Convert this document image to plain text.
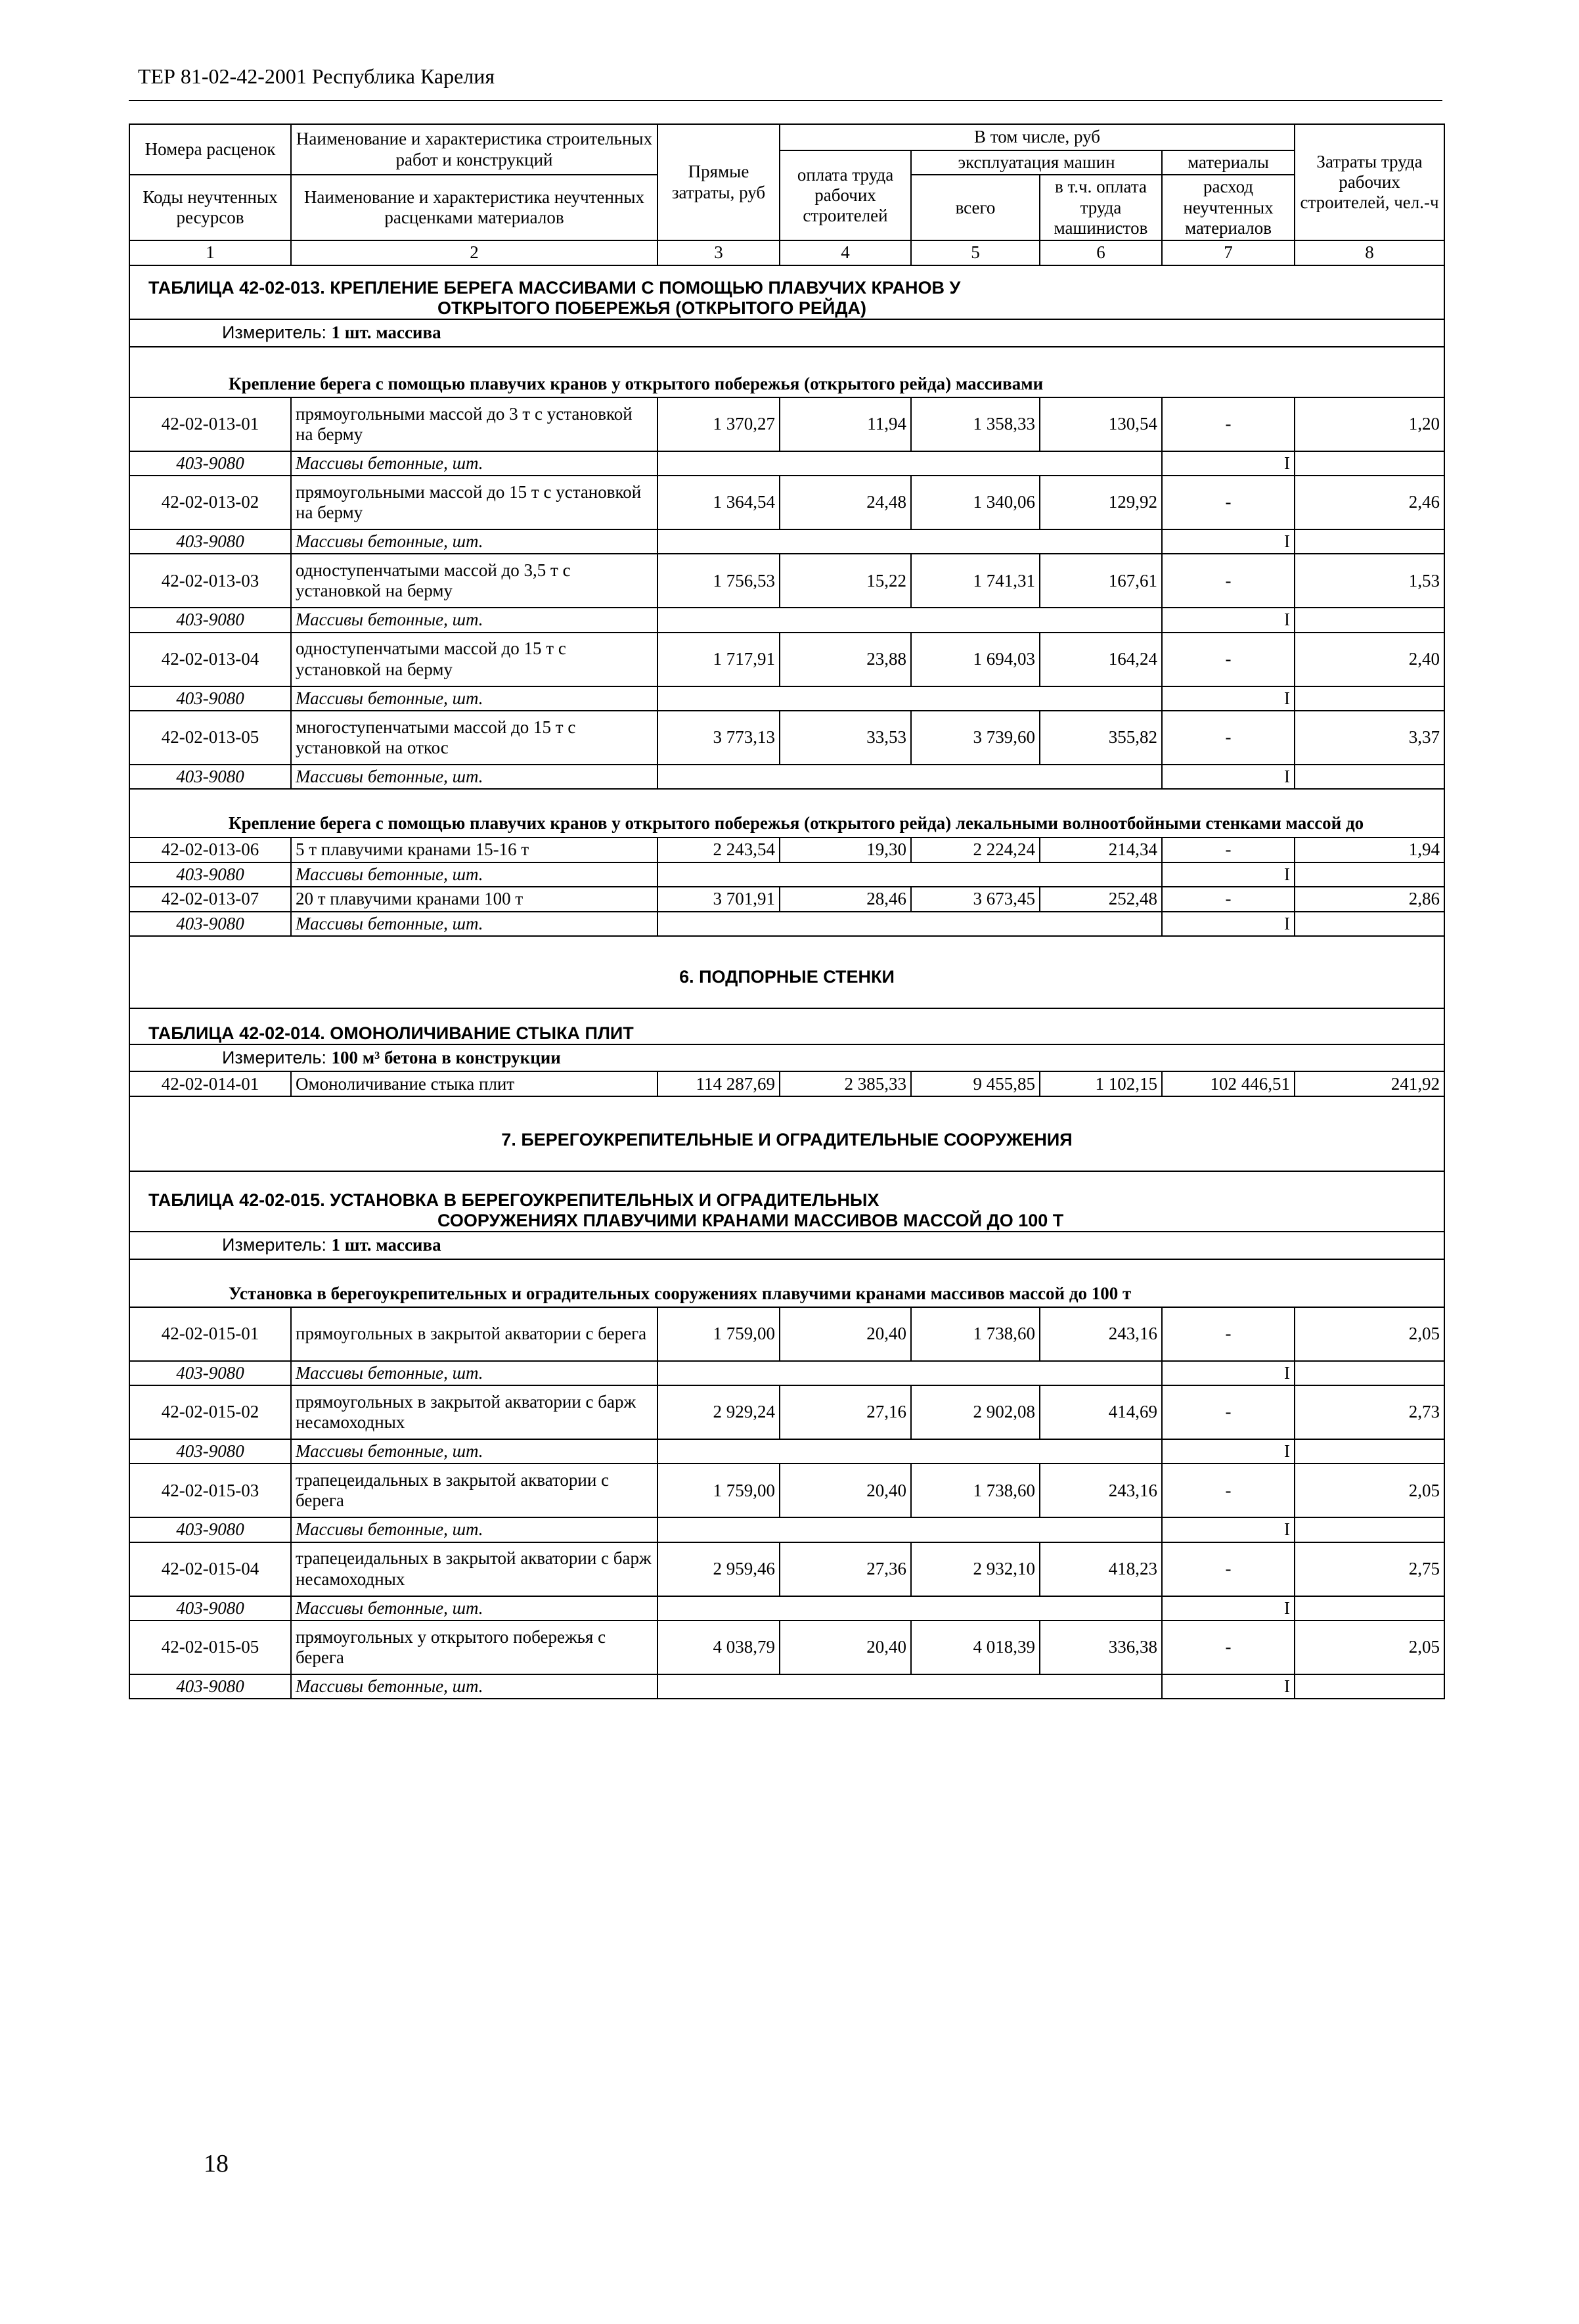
ТЕР 81-02-42-2001 Республика Карелия
Номера расценок	Наименование и характеристика строительных работ и конструкций	Прямые затраты, руб	В том числе, руб				Затраты труда рабочих строителей, чел.-ч
			оплата труда рабочих строителей	эксплуатация машин		материалы	
Коды неучтенных ресурсов	Наименование и характеристика неучтенных расценками материалов			всего	в т.ч. оплата труда машинистов	расход неучтенных материалов	

1	2	3	4	5	6	7	8
ТАБЛИЦА 42-02-013. КРЕПЛЕНИЕ БЕРЕГА МАССИВАМИ С ПОМОЩЬЮ ПЛАВУЧИХ КРАНОВ У
ОТКРЫТОГО ПОБЕРЕЖЬЯ (ОТКРЫТОГО РЕЙДА)							

Измеритель: 1 шт. массива							
Крепление берега с помощью плавучих кранов у открытого побережья (открытого рейда) массивами							
42-02-013-01	прямоугольными массой до 3 т с установкой на берму	1 370,27	11,94	1 358,33	130,54	-	1,20
403-9080	Массивы бетонные, шт.					I	
42-02-013-02	прямоугольными массой до 15 т с установкой на берму	1 364,54	24,48	1 340,06	129,92	-	2,46
403-9080	Массивы бетонные, шт.					I	
42-02-013-03	одноступенчатыми массой до 3,5 т с установкой на берму	1 756,53	15,22	1 741,31	167,61	-	1,53
403-9080	Массивы бетонные, шт.					I	
42-02-013-04	одноступенчатыми массой до 15 т с установкой на берму	1 717,91	23,88	1 694,03	164,24	-	2,40
403-9080	Массивы бетонные, шт.					I	
42-02-013-05	многоступенчатыми массой до 15 т с установкой на откос	3 773,13	33,53	3 739,60	355,82	-	3,37
403-9080	Массивы бетонные, шт.					I	
Крепление берега с помощью плавучих кранов у открытого побережья (открытого рейда) лекальными волноотбойными стенками массой до							
42-02-013-06	5 т плавучими кранами 15-16 т	2 243,54	19,30	2 224,24	214,34	-	1,94
403-9080	Массивы бетонные, шт.					I	
42-02-013-07	20 т плавучими кранами 100 т	3 701,91	28,46	3 673,45	252,48	-	2,86
403-9080	Массивы бетонные, шт.					I	
6. ПОДПОРНЫЕ СТЕНКИ							
ТАБЛИЦА 42-02-014. ОМОНОЛИЧИВАНИЕ СТЫКА ПЛИТ							
Измеритель: 100 м³ бетона в конструкции							
42-02-014-01	Омоноличивание стыка плит	114 287,69	2 385,33	9 455,85	1 102,15	102 446,51	241,92
7. БЕРЕГОУКРЕПИТЕЛЬНЫЕ И ОГРАДИТЕЛЬНЫЕ СООРУЖЕНИЯ							
ТАБЛИЦА 42-02-015. УСТАНОВКА В БЕРЕГОУКРЕПИТЕЛЬНЫХ И ОГРАДИТЕЛЬНЫХ
СООРУЖЕНИЯХ ПЛАВУЧИМИ КРАНАМИ МАССИВОВ МАССОЙ ДО 100 Т							

Измеритель: 1 шт. массива							
Установка в берегоукрепительных и оградительных сооружениях плавучими кранами массивов массой до 100 т							
42-02-015-01	прямоугольных в закрытой акватории с берега	1 759,00	20,40	1 738,60	243,16	-	2,05
403-9080	Массивы бетонные, шт.					I	
42-02-015-02	прямоугольных в закрытой акватории с барж несамоходных	2 929,24	27,16	2 902,08	414,69	-	2,73
403-9080	Массивы бетонные, шт.					I	
42-02-015-03	трапецеидальных в закрытой акватории с берега	1 759,00	20,40	1 738,60	243,16	-	2,05
403-9080	Массивы бетонные, шт.					I	
42-02-015-04	трапецеидальных в закрытой акватории с барж несамоходных	2 959,46	27,36	2 932,10	418,23	-	2,75
403-9080	Массивы бетонные, шт.					I	
42-02-015-05	прямоугольных у открытого побережья с берега	4 038,79	20,40	4 018,39	336,38	-	2,05
403-9080	Массивы бетонные, шт.					I	
18
